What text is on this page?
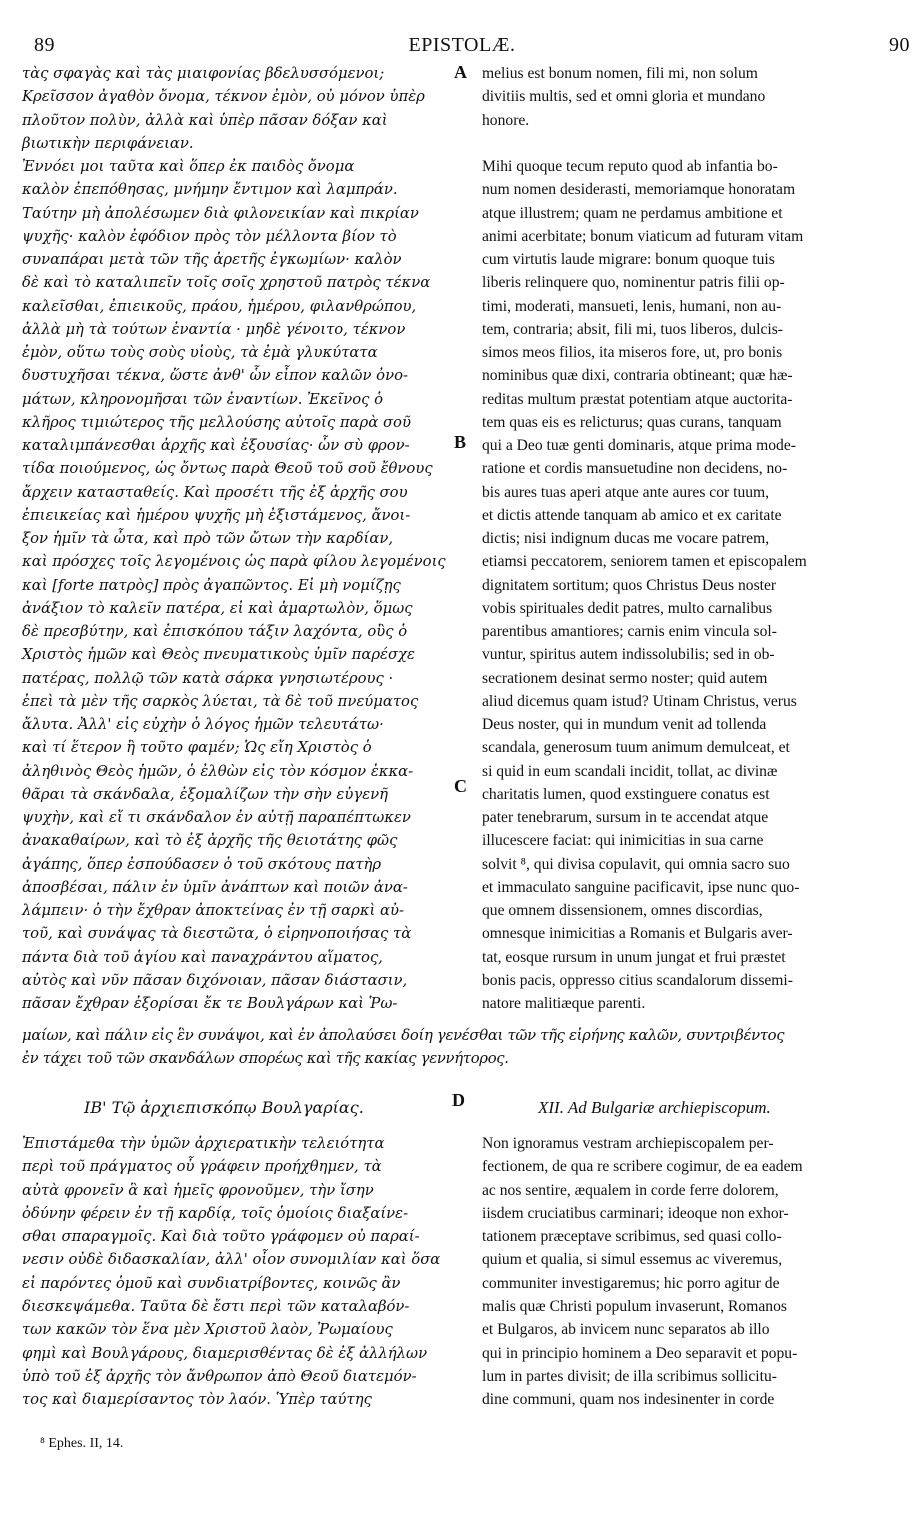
89	EPISTOLÆ.	90
A
B
C
D
τὰς σφαγὰς καὶ τὰς μιαιφονίας βδελυσσόμενοι;
Κρεῖσσον ἀγαθὸν ὄνομα, τέκνον ἐμὸν, οὐ μόνον ὑπὲρ
πλοῦτον πολὺν, ἀλλὰ καὶ ὑπὲρ πᾶσαν δόξαν καὶ
βιωτικὴν περιφάνειαν.
Ἐννόει μοι ταῦτα καὶ ὅπερ ἐκ παιδὸς ὄνομα
καλὸν ἐπεπόθησας, μνήμην ἔντιμον καὶ λαμπράν.
Ταύτην μὴ ἀπολέσωμεν διὰ φιλονεικίαν καὶ πικρίαν
ψυχῆς· καλὸν ἐφόδιον πρὸς τὸν μέλλοντα βίον τὸ
συναπάραι μετὰ τῶν τῆς ἀρετῆς ἐγκωμίων· καλὸν
δὲ καὶ τὸ καταλιπεῖν τοῖς σοῖς χρηστοῦ πατρὸς τέκνα
καλεῖσθαι, ἐπιεικοῦς, πράου, ἡμέρου, φιλανθρώπου,
ἀλλὰ μὴ τὰ τούτων ἐναντία · μηδὲ γένοιτο, τέκνον
ἐμὸν, οὕτω τοὺς σοὺς υἱοὺς, τὰ ἐμὰ γλυκύτατα
δυστυχῆσαι τέκνα, ὥστε ἀνθ' ὧν εἶπον καλῶν ὀνο-
μάτων, κληρονομῆσαι τῶν ἐναντίων. Ἐκεῖνος ὁ
κλῆρος τιμιώτερος τῆς μελλούσης αὐτοῖς παρὰ σοῦ
καταλιμπάνεσθαι ἀρχῆς καὶ ἐξουσίας· ὧν σὺ φρον-
τίδα ποιούμενος, ὡς ὄντως παρὰ Θεοῦ τοῦ σοῦ ἔθνους
ἄρχειν κατασταθείς. Καὶ προσέτι τῆς ἐξ ἀρχῆς σου
ἐπιεικείας καὶ ἡμέρου ψυχῆς μὴ ἐξιστάμενος, ἄνοι-
ξον ἡμῖν τὰ ὦτα, καὶ πρὸ τῶν ὤτων τὴν καρδίαν,
καὶ πρόσχες τοῖς λεγομένοις ὡς παρὰ φίλου λεγομένοις
καὶ [forte πατρὸς] πρὸς ἀγαπῶντος. Εἰ μὴ νομίζῃς
ἀνάξιον τὸ καλεῖν πατέρα, εἰ καὶ ἁμαρτωλὸν, ὅμως
δὲ πρεσβύτην, καὶ ἐπισκόπου τάξιν λαχόντα, οὓς ὁ
Χριστὸς ἡμῶν καὶ Θεὸς πνευματικοὺς ὑμῖν παρέσχε
πατέρας, πολλῷ τῶν κατὰ σάρκα γνησιωτέρους ·
ἐπεὶ τὰ μὲν τῆς σαρκὸς λύεται, τὰ δὲ τοῦ πνεύματος
ἄλυτα. Ἀλλ' εἰς εὐχὴν ὁ λόγος ἡμῶν τελευτάτω·
καὶ τί ἕτερον ἢ τοῦτο φαμέν; Ὡς εἴη Χριστὸς ὁ
ἀληθινὸς Θεὸς ἡμῶν, ὁ ἐλθὼν εἰς τὸν κόσμον ἐκκα-
θᾶραι τὰ σκάνδαλα, ἐξομαλίζων τὴν σὴν εὐγενῆ
ψυχὴν, καὶ εἴ τι σκάνδαλον ἐν αὐτῇ παραπέπτωκεν
ἀνακαθαίρων, καὶ τὸ ἐξ ἀρχῆς τῆς θειοτάτης φῶς
ἀγάπης, ὅπερ ἐσπούδασεν ὁ τοῦ σκότους πατὴρ
ἀποσβέσαι, πάλιν ἐν ὑμῖν ἀνάπτων καὶ ποιῶν ἀνα-
λάμπειν· ὁ τὴν ἔχθραν ἀποκτείνας ἐν τῇ σαρκὶ αὐ-
τοῦ, καὶ συνάψας τὰ διεστῶτα, ὁ εἰρηνοποιήσας τὰ
πάντα διὰ τοῦ ἁγίου καὶ παναχράντου αἵματος,
αὐτὸς καὶ νῦν πᾶσαν διχόνοιαν, πᾶσαν διάστασιν,
πᾶσαν ἔχθραν ἐξορίσαι ἔκ τε Βουλγάρων καὶ Ῥω-
melius est bonum nomen, fili mi, non solum
divitiis multis, sed et omni gloria et mundano
honore.
Mihi quoque tecum reputo quod ab infantia bo-
num nomen desiderasti, memoriamque honoratam
atque illustrem; quam ne perdamus ambitione et
animi acerbitate; bonum viaticum ad futuram vitam
cum virtutis laude migrare: bonum quoque tuis
liberis relinquere quo, nominentur patris filii op-
timi, moderati, mansueti, lenis, humani, non au-
tem, contraria; absit, fili mi, tuos liberos, dulcis-
simos meos filios, ita miseros fore, ut, pro bonis
nominibus quæ dixi, contraria obtineant; quæ hæ-
reditas multum præstat potentiam atque auctorita-
tem quas eis es relicturus; quas curans, tanquam
qui a Deo tuæ genti dominaris, atque prima mode-
ratione et cordis mansuetudine non decidens, no-
bis aures tuas aperi atque ante aures cor tuum,
et dictis attende tanquam ab amico et ex caritate
dictis; nisi indignum ducas me vocare patrem,
etiamsi peccatorem, seniorem tamen et episcopalem
dignitatem sortitum; quos Christus Deus noster
vobis spirituales dedit patres, multo carnalibus
parentibus amantiores; carnis enim vincula sol-
vuntur, spiritus autem indissolubilis; sed in ob-
secrationem desinat sermo noster; quid autem
aliud dicemus quam istud? Utinam Christus, verus
Deus noster, qui in mundum venit ad tollenda
scandala, generosum tuum animum demulceat, et
si quid in eum scandali incidit, tollat, ac divinæ
charitatis lumen, quod exstinguere conatus est
pater tenebrarum, sursum in te accendat atque
illucescere faciat: qui inimicitias in sua carne
solvit ⁸, qui divisa copulavit, qui omnia sacro suo
et immaculato sanguine pacificavit, ipse nunc quo-
que omnem dissensionem, omnes discordias,
omnesque inimicitias a Romanis et Bulgaris aver-
tat, eosque rursum in unum jungat et frui præstet
bonis pacis, oppresso citius scandalorum dissemi-
natore malitiæque parenti.
μαίων, καὶ πάλιν εἰς ἓν συνάψοι, καὶ ἐν ἀπολαύσει δοίη γενέσθαι τῶν τῆς εἰρήνης καλῶν, συντριβέντος
ἐν τάχει τοῦ τῶν σκανδάλων σπορέως καὶ τῆς κακίας γεννήτορος.
ΙΒ' Τῷ ἀρχιεπισκόπῳ Βουλγαρίας.	XII. Ad Bulgariæ archiepiscopum.
Ἐπιστάμεθα τὴν ὑμῶν ἀρχιερατικὴν τελειότητα
περὶ τοῦ πράγματος οὗ γράφειν προήχθημεν, τὰ
αὐτὰ φρονεῖν ἃ καὶ ἡμεῖς φρονοῦμεν, τὴν ἴσην
ὀδύνην φέρειν ἐν τῇ καρδίᾳ, τοῖς ὁμοίοις διαξαίνε-
σθαι σπαραγμοῖς. Καὶ διὰ τοῦτο γράφομεν οὐ παραί-
νεσιν οὐδὲ διδασκαλίαν, ἀλλ' οἷον συνομιλίαν καὶ ὅσα
εἰ παρόντες ὁμοῦ καὶ συνδιατρίβοντες, κοινῶς ἂν
διεσκεψάμεθα. Ταῦτα δὲ ἔστι περὶ τῶν καταλαβόν-
των κακῶν τὸν ἕνα μὲν Χριστοῦ λαὸν, Ῥωμαίους
φημὶ καὶ Βουλγάρους, διαμερισθέντας δὲ ἐξ ἀλλήλων
ὑπὸ τοῦ ἐξ ἀρχῆς τὸν ἄνθρωπον ἀπὸ Θεοῦ διατεμόν-
τος καὶ διαμερίσαντος τὸν λαόν. Ὑπὲρ ταύτης
Non ignoramus vestram archiepiscopalem per-
fectionem, de qua re scribere cogimur, de ea eadem
ac nos sentire, æqualem in corde ferre dolorem,
iisdem cruciatibus carminari; ideoque non exhor-
tationem præceptave scribimus, sed quasi collo-
quium et qualia, si simul essemus ac viveremus,
communiter investigaremus; hic porro agitur de
malis quæ Christi populum invaserunt, Romanos
et Bulgaros, ab invicem nunc separatos ab illo
qui in principio hominem a Deo separavit et popu-
lum in partes divisit; de illa scribimus sollicitu-
dine communi, quam nos indesinenter in corde
⁸ Ephes. II, 14.
